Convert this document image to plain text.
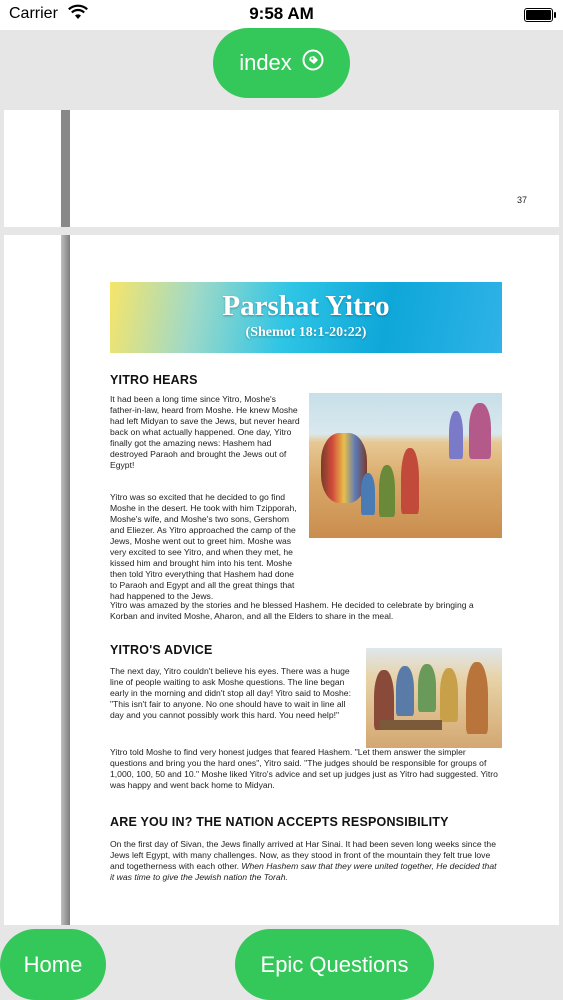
Carrier	9:58 AM
index
37
Parshat Yitro
(Shemot 18:1-20:22)
YITRO HEARS

It had been a long time since Yitro, Moshe's father-in-law, heard from Moshe. He knew Moshe had left Midyan to save the Jews, but never heard back on what actually happened. One day, Yitro finally got the amazing news: Hashem had destroyed Paraoh and brought the Jews out of Egypt!

Yitro was so excited that he decided to go find Moshe in the desert. He took with him Tzipporah, Moshe's wife, and Moshe's two sons, Gershom and Eliezer. As Yitro approached the camp of the Jews, Moshe went out to greet him. Moshe was very excited to see Yitro, and when they met, he kissed him and brought him into his tent. Moshe then told Yitro everything that Hashem had done to Paraoh and Egypt and all the great things that had happened to the Jews.

Yitro was amazed by the stories and he blessed Hashem. He decided to celebrate by bringing a Korban and invited Moshe, Aharon, and all the Elders to share in the meal.

YITRO'S ADVICE

The next day, Yitro couldn't believe his eyes. There was a huge line of people waiting to ask Moshe questions. The line began early in the morning and didn't stop all day! Yitro said to Moshe: "This isn't fair to anyone. No one should have to wait in line all day and you cannot possibly work this hard. You need help!"

Yitro told Moshe to find very honest judges that feared Hashem. "Let them answer the simpler questions and bring you the hard ones", Yitro said. "The judges should be responsible for groups of 1,000, 100, 50 and 10." Moshe liked Yitro's advice and set up judges just as Yitro had suggested. Yitro was happy and went back home to Midyan.

ARE YOU IN? THE NATION ACCEPTS RESPONSIBILITY

On the first day of Sivan, the Jews finally arrived at Har Sinai. It had been seven long weeks since the Jews left Egypt, with many challenges. Now, as they stood in front of the mountain they felt true love and togetherness with each other. When Hashem saw that they were united together, He decided that it was time to give the Jewish nation the Torah.

Home	Epic Questions
